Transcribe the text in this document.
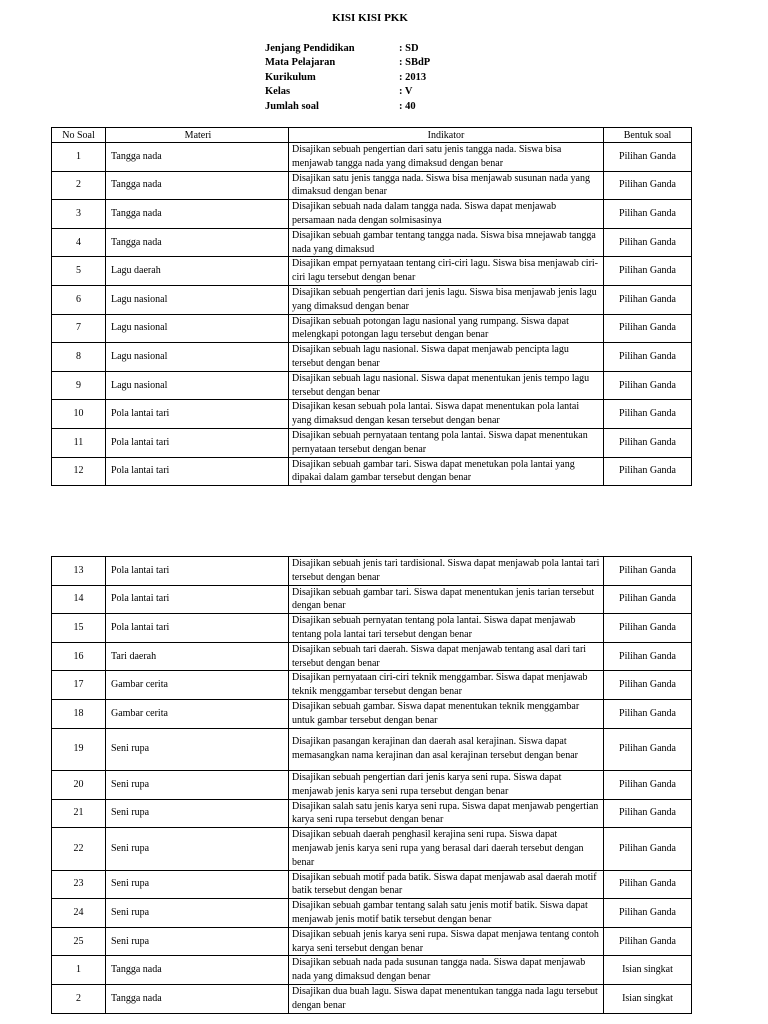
KISI KISI PKK
Jenjang Pendidikan	: SD
Mata Pelajaran	: SBdP
Kurikulum	: 2013
Kelas	: V
Jumlah soal	: 40
No Soal	Materi	Indikator	Bentuk soal
1	Tangga nada	Disajikan sebuah pengertian dari satu jenis tangga nada. Siswa bisa menjawab tangga nada yang dimaksud dengan benar	Pilihan Ganda
2	Tangga nada	Disajikan satu jenis tangga nada. Siswa bisa menjawab susunan nada yang dimaksud dengan benar	Pilihan Ganda
3	Tangga nada	Disajikan sebuah nada dalam tangga nada. Siswa dapat menjawab persamaan nada dengan solmisasinya	Pilihan Ganda
4	Tangga nada	Disajikan sebuah gambar tentang tangga nada. Siswa bisa mnejawab tangga nada yang dimaksud	Pilihan Ganda
5	Lagu daerah	Disajikan empat pernyataan tentang ciri-ciri lagu. Siswa bisa menjawab ciri-ciri lagu tersebut dengan benar	Pilihan Ganda
6	Lagu nasional	Disajikan sebuah pengertian dari jenis lagu. Siswa bisa menjawab jenis lagu yang dimaksud dengan benar	Pilihan Ganda
7	Lagu nasional	Disajikan sebuah potongan lagu nasional yang rumpang. Siswa dapat melengkapi potongan lagu tersebut dengan benar	Pilihan Ganda
8	Lagu nasional	Disajikan sebuah lagu nasional. Siswa dapat menjawab pencipta lagu tersebut dengan benar	Pilihan Ganda
9	Lagu nasional	Disajikan sebuah lagu nasional. Siswa dapat menentukan jenis tempo lagu tersebut dengan benar	Pilihan Ganda
10	Pola lantai tari	Disajikan kesan sebuah pola lantai. Siswa dapat menentukan pola lantai yang dimaksud dengan kesan tersebut dengan benar	Pilihan Ganda
11	Pola lantai tari	Disajikan sebuah pernyataan tentang pola lantai. Siswa dapat menentukan pernyataan tersebut dengan benar	Pilihan Ganda
12	Pola lantai tari	Disajikan sebuah gambar tari. Siswa dapat menetukan pola lantai yang dipakai dalam gambar tersebut dengan benar	Pilihan Ganda
13	Pola lantai tari	Disajikan sebuah jenis tari tardisional. Siswa dapat menjawab pola lantai tari tersebut dengan benar	Pilihan Ganda
14	Pola lantai tari	Disajikan sebuah gambar tari. Siswa dapat menentukan jenis tarian tersebut dengan benar	Pilihan Ganda
15	Pola lantai tari	Disajikan sebuah pernyatan tentang pola lantai. Siswa dapat menjawab tentang pola lantai tari tersebut dengan benar	Pilihan Ganda
16	Tari daerah	Disajikan sebuah tari daerah. Siswa dapat menjawab tentang asal dari tari tersebut dengan benar	Pilihan Ganda
17	Gambar cerita	Disajikan pernyataan ciri-ciri teknik menggambar. Siswa dapat menjawab teknik menggambar tersebut dengan benar	Pilihan Ganda
18	Gambar cerita	Disajikan sebuah gambar. Siswa dapat menentukan teknik menggambar untuk gambar tersebut dengan benar	Pilihan Ganda
19	Seni rupa	Disajikan pasangan kerajinan dan daerah asal kerajinan. Siswa dapat memasangkan nama kerajinan dan asal kerajinan tersebut dengan benar	Pilihan Ganda
20	Seni rupa	Disajikan sebuah pengertian dari jenis karya seni rupa. Siswa dapat menjawab jenis karya seni rupa tersebut dengan benar	Pilihan Ganda
21	Seni rupa	Disajikan salah satu jenis karya seni rupa. Siswa dapat menjawab pengertian karya seni rupa tersebut dengan benar	Pilihan Ganda
22	Seni rupa	Disajikan sebuah daerah penghasil kerajina seni rupa. Siswa dapat menjawab jenis karya seni rupa yang berasal dari daerah tersebut dengan benar	Pilihan Ganda
23	Seni rupa	Disajikan sebuah motif pada batik. Siswa dapat menjawab asal daerah motif batik tersebut dengan benar	Pilihan Ganda
24	Seni rupa	Disajikan sebuah gambar tentang salah satu jenis motif batik. Siswa dapat menjawab jenis motif batik tersebut dengan benar	Pilihan Ganda
25	Seni rupa	Disajikan sebuah jenis karya seni rupa. Siswa dapat menjawa tentang contoh karya seni tersebut dengan benar	Pilihan Ganda
1	Tangga nada	Disajikan sebuah nada pada susunan tangga nada. Siswa dapat menjawab nada yang dimaksud dengan benar	Isian singkat
2	Tangga nada	Disajikan dua buah lagu. Siswa dapat menentukan tangga nada lagu tersebut dengan benar	Isian singkat
